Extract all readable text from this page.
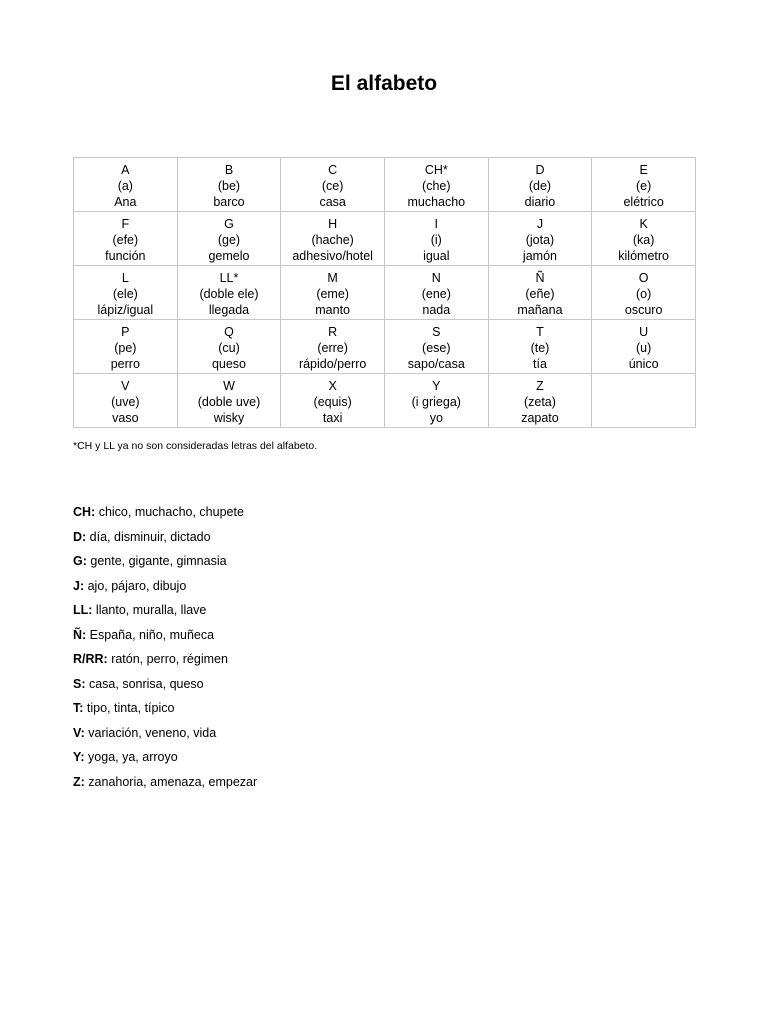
El alfabeto
A
(a)
Ana	B
(be)
barco	C
(ce)
casa	CH*
(che)
muchacho	D
(de)
diario	E
(e)
elétrico

F
(efe)
función	G
(ge)
gemelo	H
(hache)
adhesivo/hotel	I
(i)
igual	J
(jota)
jamón	K
(ka)
kilómetro

L
(ele)
lápiz/igual	LL*
(doble ele)
llegada	M
(eme)
manto	N
(ene)
nada	Ñ
(eñe)
mañana	O
(o)
oscuro

P
(pe)
perro	Q
(cu)
queso	R
(erre)
rápido/perro	S
(ese)
sapo/casa	T
(te)
tía	U
(u)
único

V
(uve)
vaso	W
(doble uve)
wisky	X
(equis)
taxi	Y
(i griega)
yo	Z
(zeta)
zapato	

*CH y LL ya no son consideradas letras del alfabeto.
CH: chico, muchacho, chupete
D: día, disminuir, dictado
G: gente, gigante, gimnasia
J: ajo, pájaro, dibujo
LL: llanto, muralla, llave
Ñ: España, niño, muñeca
R/RR: ratón, perro, régimen
S: casa, sonrisa, queso
T: tipo, tinta, típico
V: variación, veneno, vida
Y: yoga, ya, arroyo
Z: zanahoria, amenaza, empezar
